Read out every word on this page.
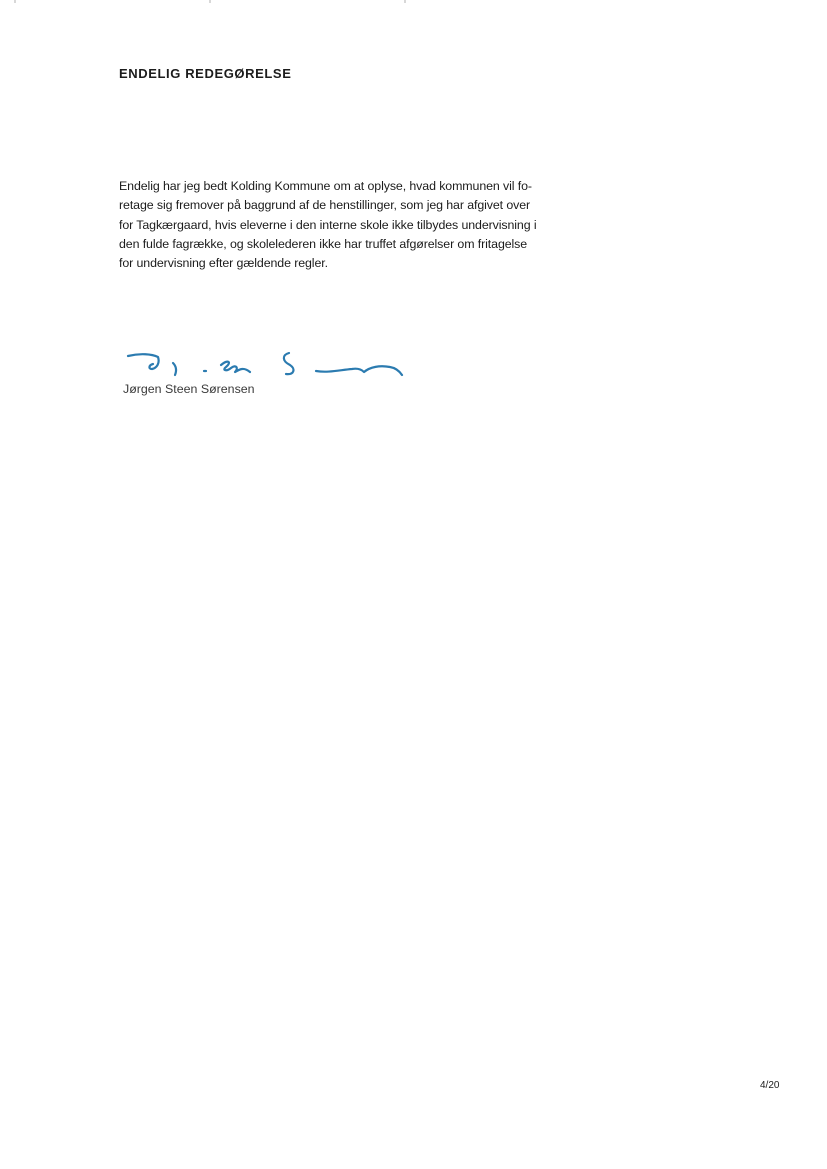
ENDELIG REDEGØRELSE

Endelig har jeg bedt Kolding Kommune om at oplyse, hvad kommunen vil fo-
retage sig fremover på baggrund af de henstillinger, som jeg har afgivet over
for Tagkærgaard, hvis eleverne i den interne skole ikke tilbydes undervisning i
den fulde fagrække, og skolelederen ikke har truffet afgørelser om fritagelse
for undervisning efter gældende regler.

Jørgen Steen Sørensen
4/20
